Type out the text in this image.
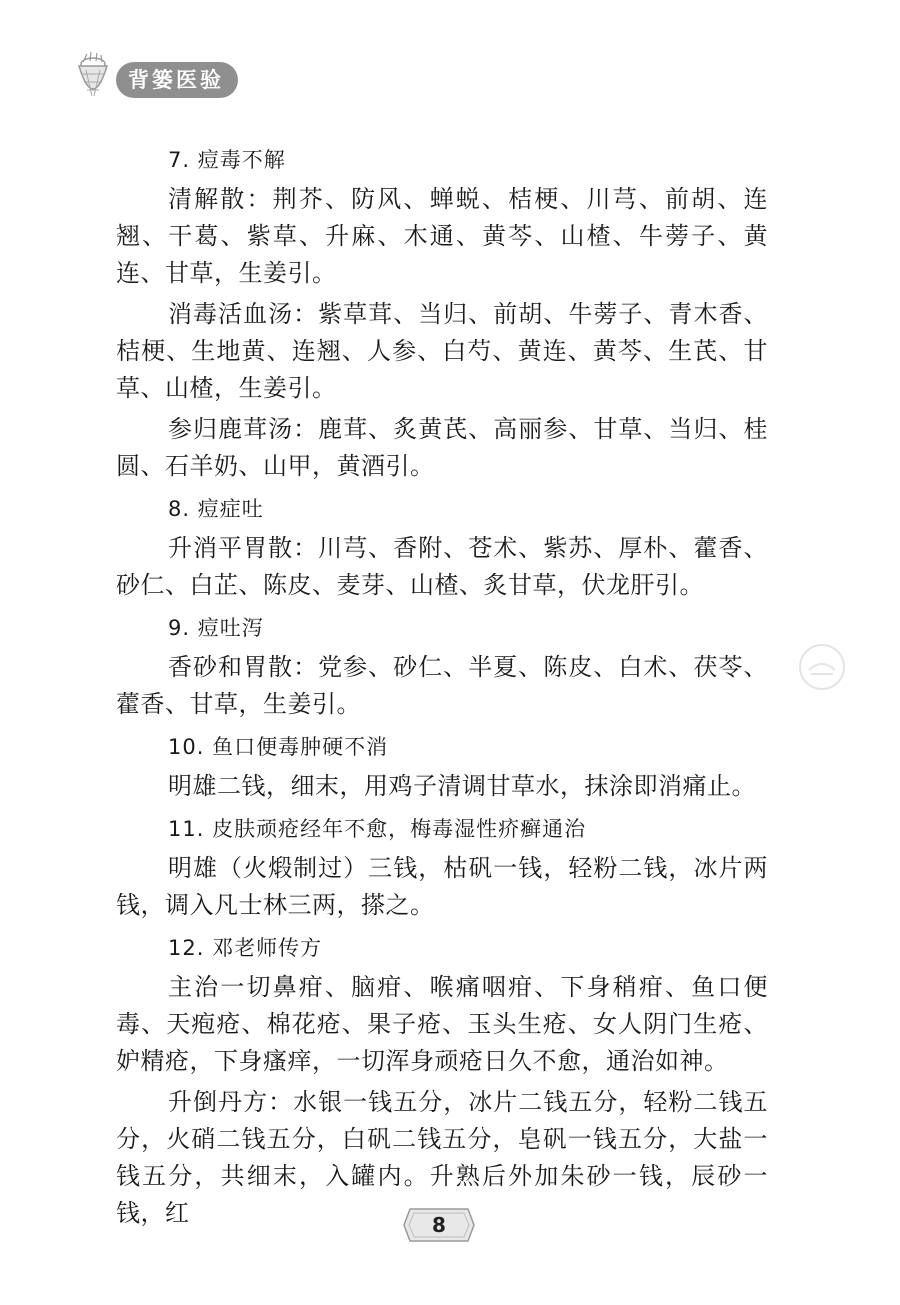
背篓医验

7. 痘毒不解

清解散：荆芥、防风、蝉蜕、桔梗、川芎、前胡、连翘、干葛、紫草、升麻、木通、黄芩、山楂、牛蒡子、黄连、甘草，生姜引。

消毒活血汤：紫草茸、当归、前胡、牛蒡子、青木香、桔梗、生地黄、连翘、人参、白芍、黄连、黄芩、生芪、甘草、山楂，生姜引。

参归鹿茸汤：鹿茸、炙黄芪、高丽参、甘草、当归、桂圆、石羊奶、山甲，黄酒引。

8. 痘症吐

升消平胃散：川芎、香附、苍术、紫苏、厚朴、藿香、砂仁、白芷、陈皮、麦芽、山楂、炙甘草，伏龙肝引。

9. 痘吐泻

香砂和胃散：党参、砂仁、半夏、陈皮、白术、茯苓、藿香、甘草，生姜引。

10. 鱼口便毒肿硬不消

明雄二钱，细末，用鸡子清调甘草水，抹涂即消痛止。

11. 皮肤顽疮经年不愈，梅毒湿性疥癣通治

明雄（火煅制过）三钱，枯矾一钱，轻粉二钱，冰片两钱，调入凡士林三两，搽之。

12. 邓老师传方

主治一切鼻疳、脑疳、喉痛咽疳、下身稍疳、鱼口便毒、天疱疮、棉花疮、果子疮、玉头生疮、女人阴门生疮、妒精疮，下身瘙痒，一切浑身顽疮日久不愈，通治如神。

升倒丹方：水银一钱五分，冰片二钱五分，轻粉二钱五分，火硝二钱五分，白矾二钱五分，皂矾一钱五分，大盐一钱五分，共细末，入罐内。升熟后外加朱砂一钱，辰砂一钱，红	8
